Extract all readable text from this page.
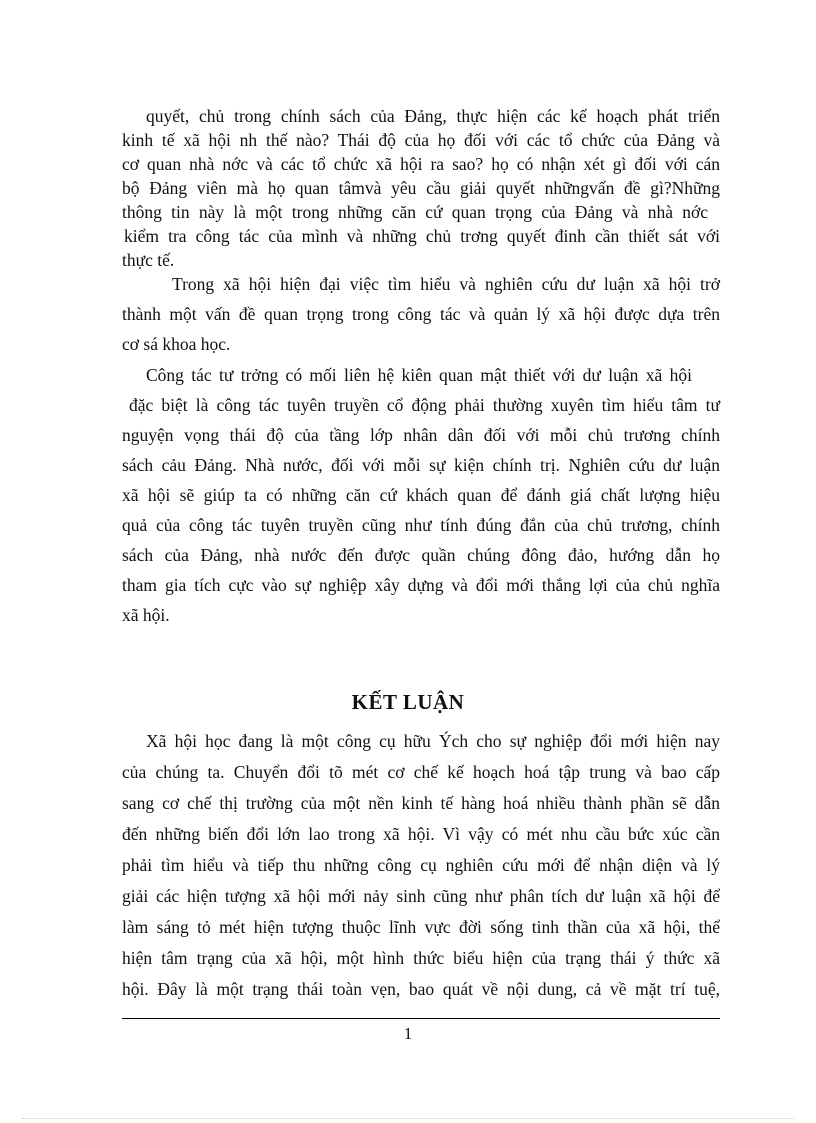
quyết, chủ trong chính sách của Đảng, thực hiện các kế hoạch phát triển
kinh tế xã hội nh thế nào? Thái độ của họ đối với các tổ chức của Đảng và
cơ quan nhà nớc và các tổ chức xã hội ra sao? họ có nhận xét gì đối với cán
bộ Đảng viên mà họ quan tâmvà yêu cầu giải quyết nhữngvấn đề gì?Những
thông tin này là một trong những căn cứ quan trọng của Đảng và nhà nớc
kiểm tra công tác của mình và những chủ trơng quyết đinh cần thiết sát với
thực tế.
Trong xã hội hiện đại việc tìm hiểu và nghiên cứu dư luận xã hội trở
thành một vấn đề quan trọng trong công tác và quản lý xã hội được dựa trên
cơ sá khoa học.
Công tác tư trởng có mối liên hệ kiên quan mật thiết với dư luận xã hội
đặc biệt là công tác tuyên truyền cổ động phải thường xuyên tìm hiểu tâm tư
nguyện vọng thái độ của tầng lớp nhân dân đối với mỗi chủ trương chính
sách cảu Đảng. Nhà nước, đối với mỗi sự kiện chính trị. Nghiên cứu dư luận
xã hội sẽ giúp ta có những căn cứ khách quan để đánh giá chất lượng hiệu
quả của công tác tuyên truyền cũng như tính đúng đắn của chủ trương, chính
sách của Đảng, nhà nước đến được quần chúng đông đảo, hướng dẫn họ
tham gia tích cực vào sự nghiệp xây dựng và đổi mới thắng lợi của chủ nghĩa
xã hội.
KẾT LUẬN
Xã hội học đang là một công cụ hữu Ých cho sự nghiệp đổi mới hiện nay
của chúng ta. Chuyển đổi tõ mét cơ chế kế hoạch hoá tập trung và bao cấp
sang cơ chế thị trường của một nền kinh tế hàng hoá nhiều thành phần sẽ dẫn
đến những biến đổi lớn lao trong xã hội. Vì vậy có mét nhu cầu bức xúc cần
phải tìm hiểu và tiếp thu những công cụ nghiên cứu mới để nhận diện và lý
giải các hiện tượng xã hội mới nảy sinh cũng như phân tích dư luận xã hội để
làm sáng tỏ mét hiện tượng thuộc lĩnh vực đời sống tinh thần của xã hội, thể
hiện tâm trạng của xã hội, một hình thức biểu hiện của trạng thái ý thức xã
hội. Đây là một trạng thái toàn vẹn, bao quát về nội dung, cả về mặt trí tuệ,
1
